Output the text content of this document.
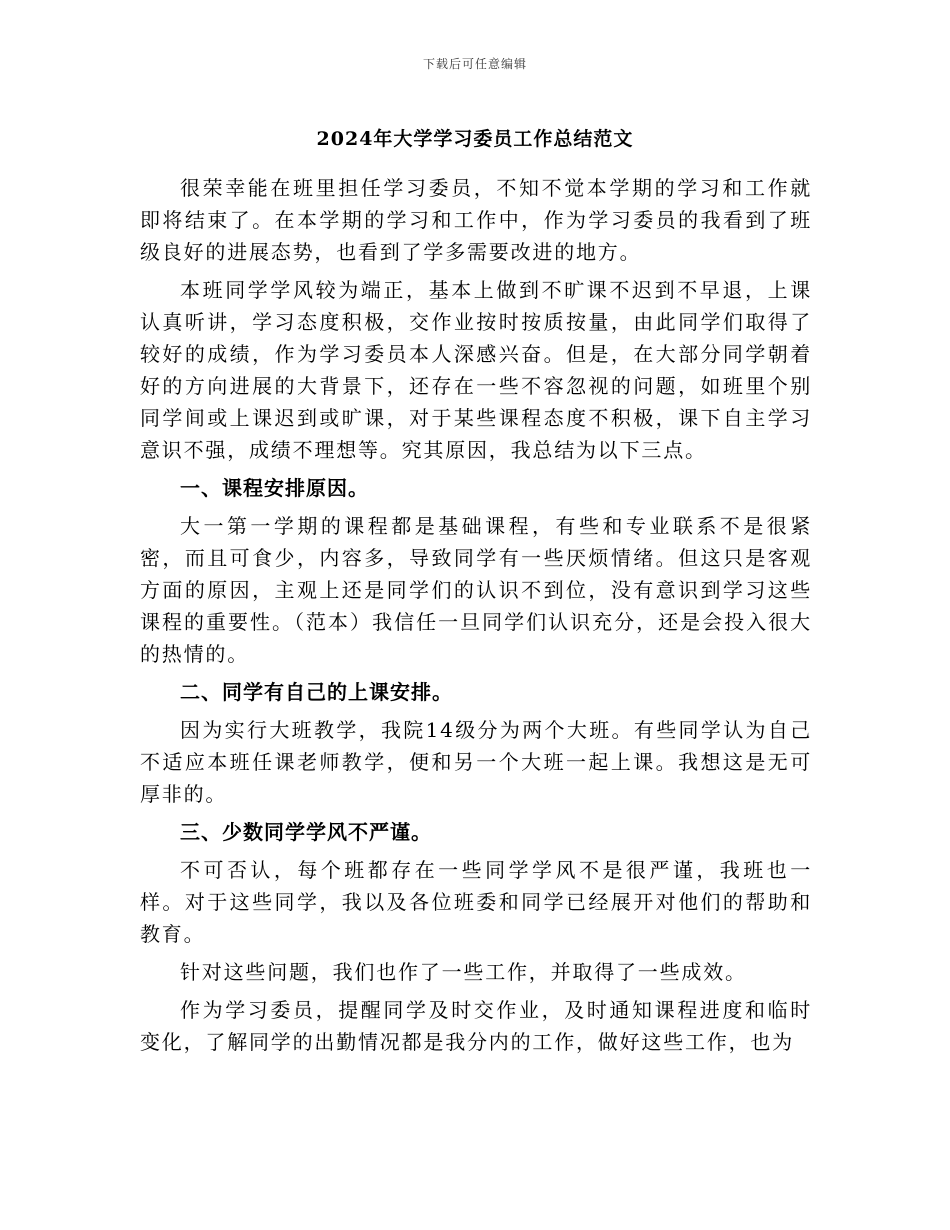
下载后可任意编辑
2024年大学学习委员工作总结范文

很荣幸能在班里担任学习委员，不知不觉本学期的学习和工作就即将结束了。在本学期的学习和工作中，作为学习委员的我看到了班级良好的进展态势，也看到了学多需要改进的地方。

本班同学学风较为端正，基本上做到不旷课不迟到不早退，上课认真听讲，学习态度积极，交作业按时按质按量，由此同学们取得了较好的成绩，作为学习委员本人深感兴奋。但是，在大部分同学朝着好的方向进展的大背景下，还存在一些不容忽视的问题，如班里个别同学间或上课迟到或旷课，对于某些课程态度不积极，课下自主学习意识不强，成绩不理想等。究其原因，我总结为以下三点。

一、课程安排原因。

大一第一学期的课程都是基础课程，有些和专业联系不是很紧密，而且可食少，内容多，导致同学有一些厌烦情绪。但这只是客观方面的原因，主观上还是同学们的认识不到位，没有意识到学习这些课程的重要性。（范本）我信任一旦同学们认识充分，还是会投入很大的热情的。

二、同学有自己的上课安排。

因为实行大班教学，我院14级分为两个大班。有些同学认为自己不适应本班任课老师教学，便和另一个大班一起上课。我想这是无可厚非的。

三、少数同学学风不严谨。

不可否认，每个班都存在一些同学学风不是很严谨，我班也一样。对于这些同学，我以及各位班委和同学已经展开对他们的帮助和教育。

针对这些问题，我们也作了一些工作，并取得了一些成效。

作为学习委员，提醒同学及时交作业，及时通知课程进度和临时变化，了解同学的出勤情况都是我分内的工作，做好这些工作，也为
